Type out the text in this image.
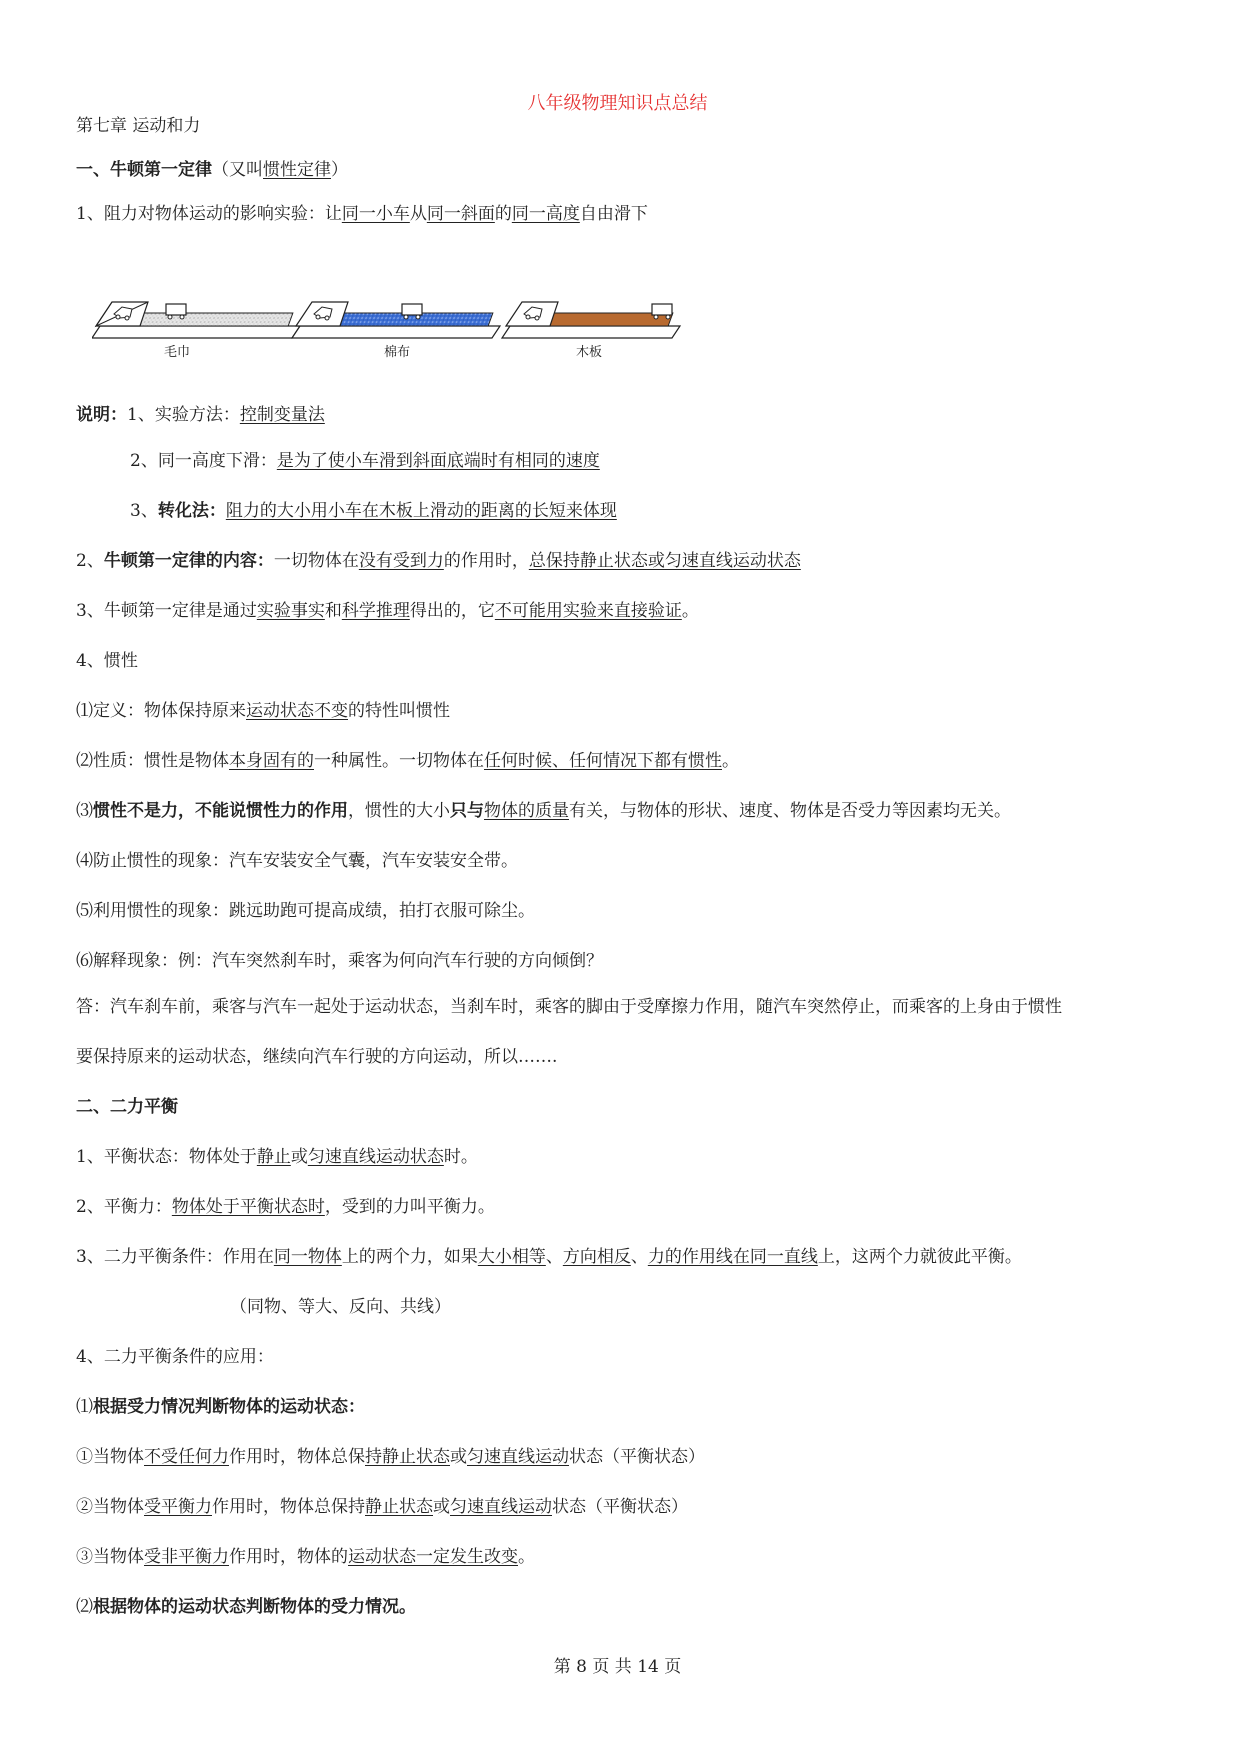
八年级物理知识点总结
第七章 运动和力
一、牛顿第一定律（又叫惯性定律）
1、阻力对物体运动的影响实验：让同一小车从同一斜面的同一高度自由滑下
毛巾	棉布	木板
说明：1、实验方法：控制变量法
2、同一高度下滑：是为了使小车滑到斜面底端时有相同的速度
3、转化法：阻力的大小用小车在木板上滑动的距离的长短来体现
2、牛顿第一定律的内容：一切物体在没有受到力的作用时，总保持静止状态或匀速直线运动状态
3、牛顿第一定律是通过实验事实和科学推理得出的，它不可能用实验来直接验证。
4、惯性
⑴定义：物体保持原来运动状态不变的特性叫惯性
⑵性质：惯性是物体本身固有的一种属性。一切物体在任何时候、任何情况下都有惯性。
⑶惯性不是力，不能说惯性力的作用，惯性的大小只与物体的质量有关，与物体的形状、速度、物体是否受力等因素均无关。
⑷防止惯性的现象：汽车安装安全气囊，汽车安装安全带。
⑸利用惯性的现象：跳远助跑可提高成绩，拍打衣服可除尘。
⑹解释现象：例：汽车突然刹车时，乘客为何向汽车行驶的方向倾倒？
答：汽车刹车前，乘客与汽车一起处于运动状态，当刹车时，乘客的脚由于受摩擦力作用，随汽车突然停止，而乘客的上身由于惯性
要保持原来的运动状态，继续向汽车行驶的方向运动，所以…….
二、二力平衡
1、平衡状态：物体处于静止或匀速直线运动状态时。
2、平衡力：物体处于平衡状态时，受到的力叫平衡力。
3、二力平衡条件：作用在同一物体上的两个力，如果大小相等、方向相反、力的作用线在同一直线上，这两个力就彼此平衡。
（同物、等大、反向、共线）
4、二力平衡条件的应用：
⑴根据受力情况判断物体的运动状态：
①当物体不受任何力作用时，物体总保持静止状态或匀速直线运动状态（平衡状态）
②当物体受平衡力作用时，物体总保持静止状态或匀速直线运动状态（平衡状态）
③当物体受非平衡力作用时，物体的运动状态一定发生改变。
⑵根据物体的运动状态判断物体的受力情况。
第 8 页 共 14 页
